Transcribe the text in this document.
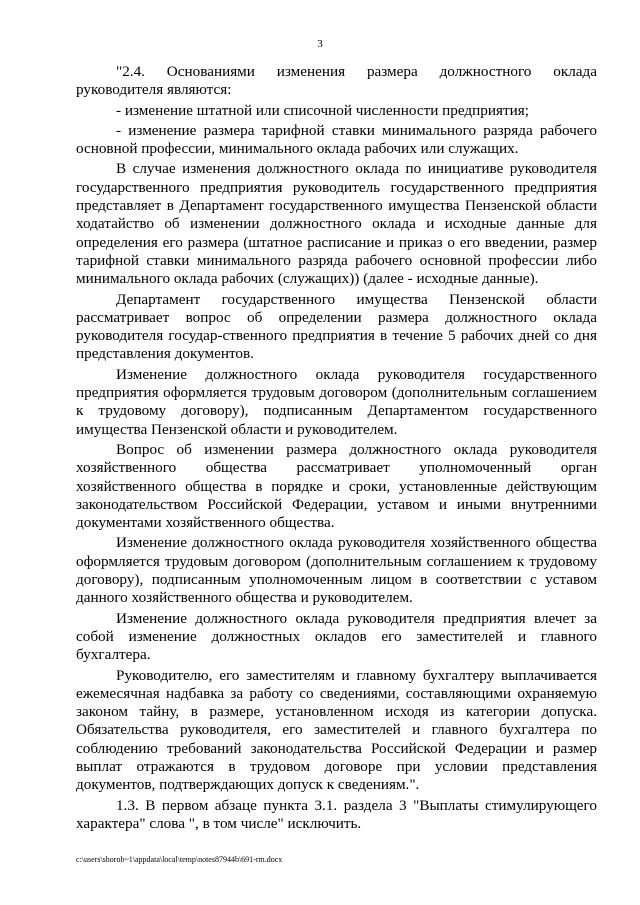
3

"2.4. Основаниями изменения размера должностного оклада руководителя являются:

- изменение штатной или списочной численности предприятия;

- изменение размера тарифной ставки минимального разряда рабочего основной профессии, минимального оклада рабочих или служащих.

В случае изменения должностного оклада по инициативе руководителя государственного предприятия руководитель государственного предприятия представляет в Департамент государственного имущества Пензенской области ходатайство об изменении должностного оклада и исходные данные для определения его размера (штатное расписание и приказ о его введении, размер тарифной ставки минимального разряда рабочего основной профессии либо минимального оклада рабочих (служащих)) (далее - исходные данные).

Департамент государственного имущества Пензенской области рассматривает вопрос об определении размера должностного оклада руководителя государ-ственного предприятия в течение 5 рабочих дней со дня представления документов.

Изменение должностного оклада руководителя государственного предприятия оформляется трудовым договором (дополнительным соглашением к трудовому договору), подписанным Департаментом государственного имущества Пензенской области и руководителем.

Вопрос об изменении размера должностного оклада руководителя хозяйственного общества рассматривает уполномоченный орган хозяйственного общества в порядке и сроки, установленные действующим законодательством Российской Федерации, уставом и иными внутренними документами хозяйственного общества.

Изменение должностного оклада руководителя хозяйственного общества оформляется трудовым договором (дополнительным соглашением к трудовому договору), подписанным уполномоченным лицом в соответствии с уставом данного хозяйственного общества и руководителем.

Изменение должностного оклада руководителя предприятия влечет за собой изменение должностных окладов его заместителей и главного бухгалтера.

Руководителю, его заместителям и главному бухгалтеру выплачивается ежемесячная надбавка за работу со сведениями, составляющими охраняемую законом тайну, в размере, установленном исходя из категории допуска. Обязательства руководителя, его заместителей и главного бухгалтера по соблюдению требований законодательства Российской Федерации и размер выплат отражаются в трудовом договоре при условии представления документов, подтверждающих допуск к сведениям.".

1.3. В первом абзаце пункта 3.1. раздела 3 "Выплаты стимулирующего характера" слова ", в том числе" исключить.

c:\users\shorob~1\appdata\local\temp\notes87944b\691-rm.docx
